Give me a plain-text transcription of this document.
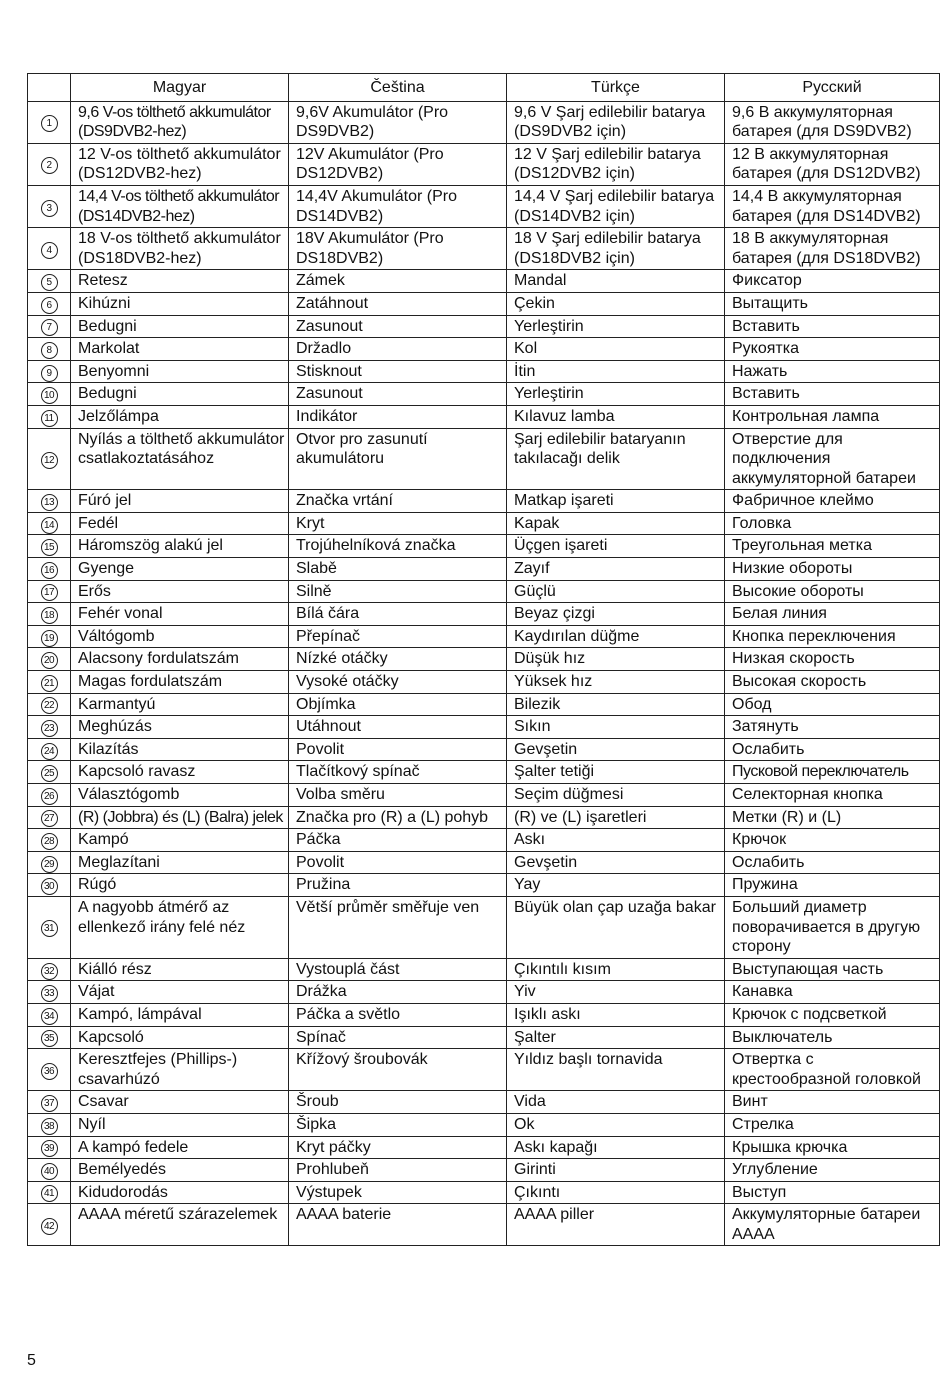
	Magyar	Čeština	Türkçe	Русский
1	9,6 V-os tölthető akkumulátor (DS9DVB2-hez)	9,6V Akumulátor (Pro DS9DVB2)	9,6 V Şarj edilebilir batarya (DS9DVB2 için)	9,6 В аккумуляторная батарея (для DS9DVB2)
2	12 V-os tölthető akkumulátor (DS12DVB2-hez)	12V Akumulátor (Pro DS12DVB2)	12 V Şarj edilebilir batarya (DS12DVB2 için)	12 В аккумуляторная батарея (для DS12DVB2)
3	14,4 V-os tölthető akkumulátor (DS14DVB2-hez)	14,4V Akumulátor (Pro DS14DVB2)	14,4 V Şarj edilebilir batarya (DS14DVB2 için)	14,4 В аккумуляторная батарея (для DS14DVB2)
4	18 V-os tölthető akkumulátor (DS18DVB2-hez)	18V Akumulátor (Pro DS18DVB2)	18 V Şarj edilebilir batarya (DS18DVB2 için)	18 В аккумуляторная батарея (для DS18DVB2)
5	Retesz	Zámek	Mandal	Фиксатор
6	Kihúzni	Zatáhnout	Çekin	Вытащить
7	Bedugni	Zasunout	Yerleştirin	Вставить
8	Markolat	Držadlo	Kol	Рукоятка
9	Benyomni	Stisknout	İtin	Нажать
10	Bedugni	Zasunout	Yerleştirin	Вставить
11	Jelzőlámpa	Indikátor	Kılavuz lamba	Контрольная лампа
12	Nyílás a tölthető akkumulátor csatlakoztatásához	Otvor pro zasunutí akumulátoru	Şarj edilebilir bataryanın takılacağı delik	Отверстие для подключения аккумуляторной батареи
13	Fúró jel	Značka vrtání	Matkap işareti	Фабричное клеймо
14	Fedél	Kryt	Kapak	Головка
15	Háromszög alakú jel	Trojúhelníková značka	Üçgen işareti	Треугольная метка
16	Gyenge	Slabě	Zayıf	Низкие обороты
17	Erős	Silně	Güçlü	Высокие обороты
18	Fehér vonal	Bílá čára	Beyaz çizgi	Белая линия
19	Váltógomb	Přepínač	Kaydırılan düğme	Кнопка переключения
20	Alacsony fordulatszám	Nízké otáčky	Düşük hız	Низкая скорость
21	Magas fordulatszám	Vysoké otáčky	Yüksek hız	Высокая скорость
22	Karmantyú	Objímka	Bilezik	Обод
23	Meghúzás	Utáhnout	Sıkın	Затянуть
24	Kilazítás	Povolit	Gevşetin	Ослабить
25	Kapcsoló ravasz	Tlačítkový spínač	Şalter tetiği	Пусковой переключатель
26	Választógomb	Volba směru	Seçim düğmesi	Селекторная кнопка
27	(R) (Jobbra) és (L) (Balra) jelek	Značka pro (R) a (L) pohyb	(R) ve (L) işaretleri	Метки (R) и (L)
28	Kampó	Páčka	Askı	Крючок
29	Meglazítani	Povolit	Gevşetin	Ослабить
30	Rúgó	Pružina	Yay	Пружина
31	A nagyobb átmérő az ellenkező irány felé néz	Větší průměr směřuje ven	Büyük olan çap uzağa bakar	Больший диаметр поворачивается в другую сторону
32	Kiálló rész	Vystouplá část	Çıkıntılı kısım	Выступающая часть
33	Vájat	Drážka	Yiv	Канавка
34	Kampó, lámpával	Páčka a světlo	Işıklı askı	Крючок с подсветкой
35	Kapcsoló	Spínač	Şalter	Выключатель
36	Keresztfejes (Phillips-) csavarhúzó	Křížový šroubovák	Yıldız başlı tornavida	Отвертка с крестообразной головкой
37	Csavar	Šroub	Vida	Винт
38	Nyíl	Šipka	Ok	Стрелка
39	A kampó fedele	Kryt páčky	Askı kapağı	Крышка крючка
40	Bemélyedés	Prohlubeň	Girinti	Углубление
41	Kidudorodás	Výstupek	Çıkıntı	Выступ
42	AAAA méretű szárazelemek	AAAA baterie	AAAA piller	Аккумуляторные батареи AAAA
5
